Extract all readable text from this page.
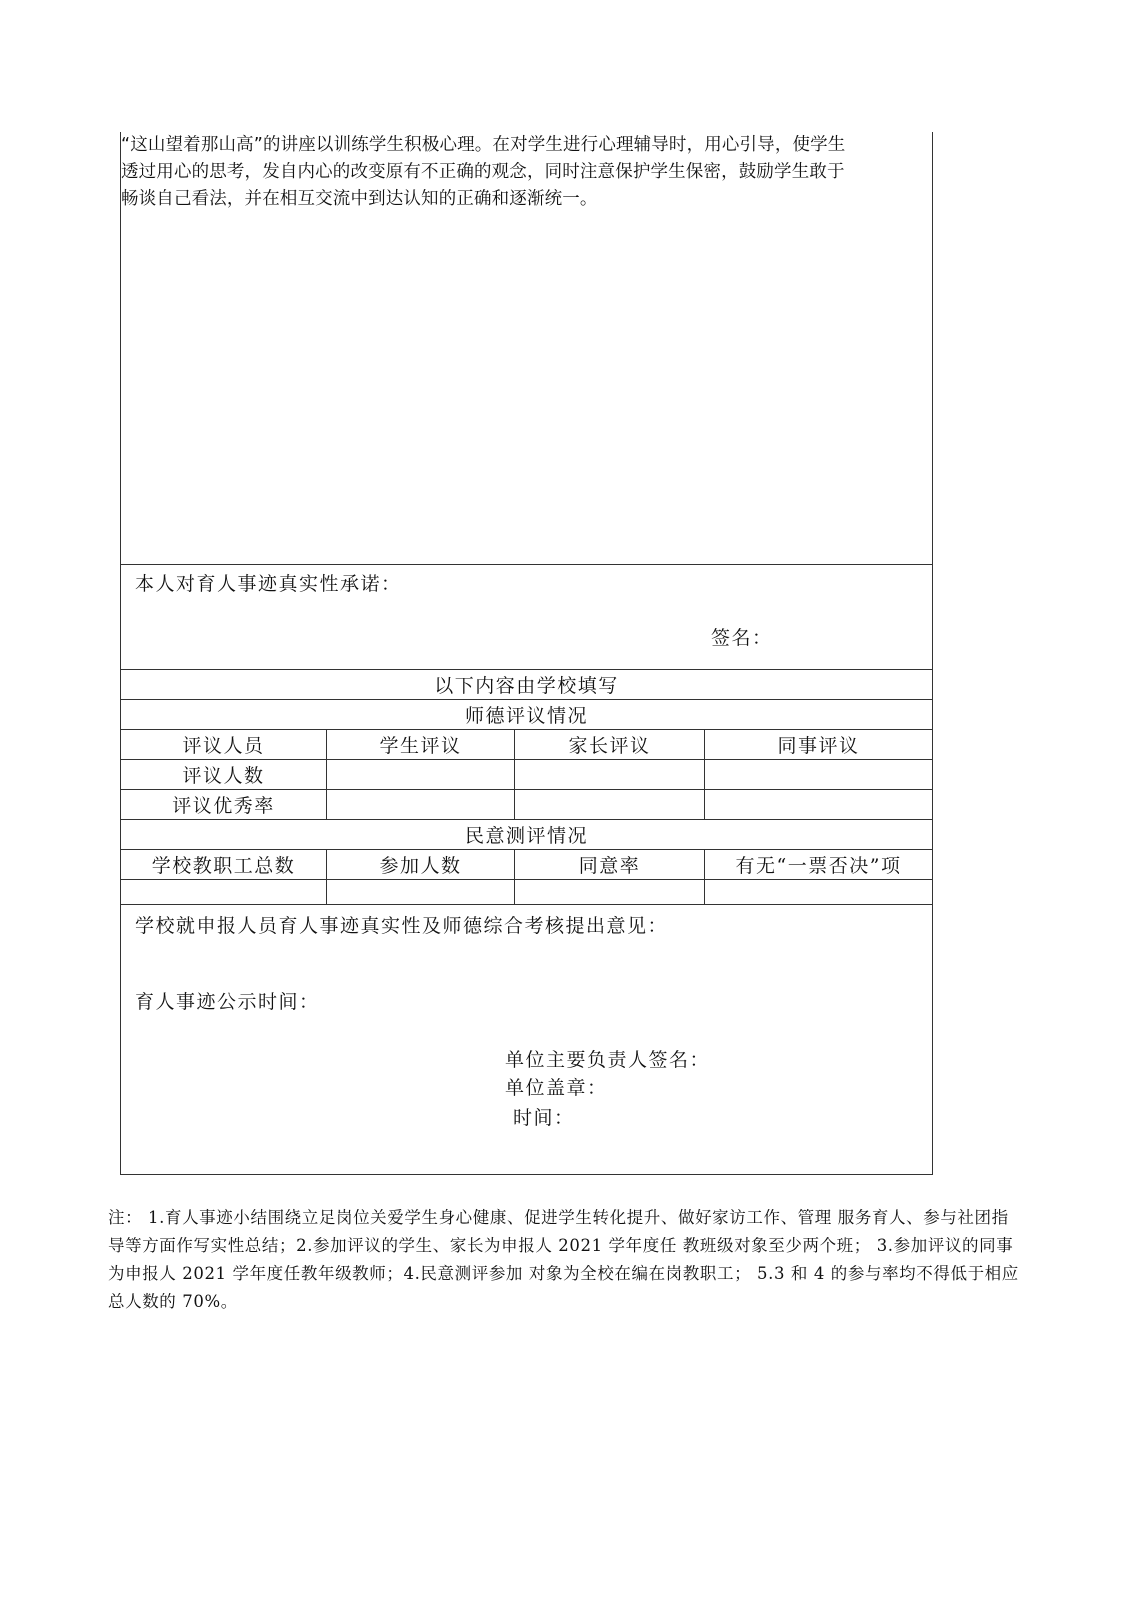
“这山望着那山高”的讲座以训练学生积极心理。在对学生进行心理辅导时，用心引导，使学生

透过用心的思考，发自内心的改变原有不正确的观念，同时注意保护学生保密，鼓励学生敢于

畅谈自己看法，并在相互交流中到达认知的正确和逐渐统一。			

本人对育人事迹真实性承诺：
签名：			

以下内容由学校填写			
师德评议情况			
评议人员	学生评议	家长评议	同事评议
评议人数			
评议优秀率			
民意测评情况			
学校教职工总数	参加人数	同意率	有无“一票否决”项

学校就申报人员育人事迹真实性及师德综合考核提出意见：
育人事迹公示时间：
单位主要负责人签名：
单位盖章：
时间：			

注： 1.育人事迹小结围绕立足岗位关爱学生身心健康、促进学生转化提升、做好家访工作、管理 服务育人、参与社团指导等方面作写实性总结；2.参加评议的学生、家长为申报人 2021 学年度任 教班级对象至少两个班； 3.参加评议的同事为申报人 2021 学年度任教年级教师；4.民意测评参加 对象为全校在编在岗教职工； 5.3 和 4 的参与率均不得低于相应总人数的 70%。
